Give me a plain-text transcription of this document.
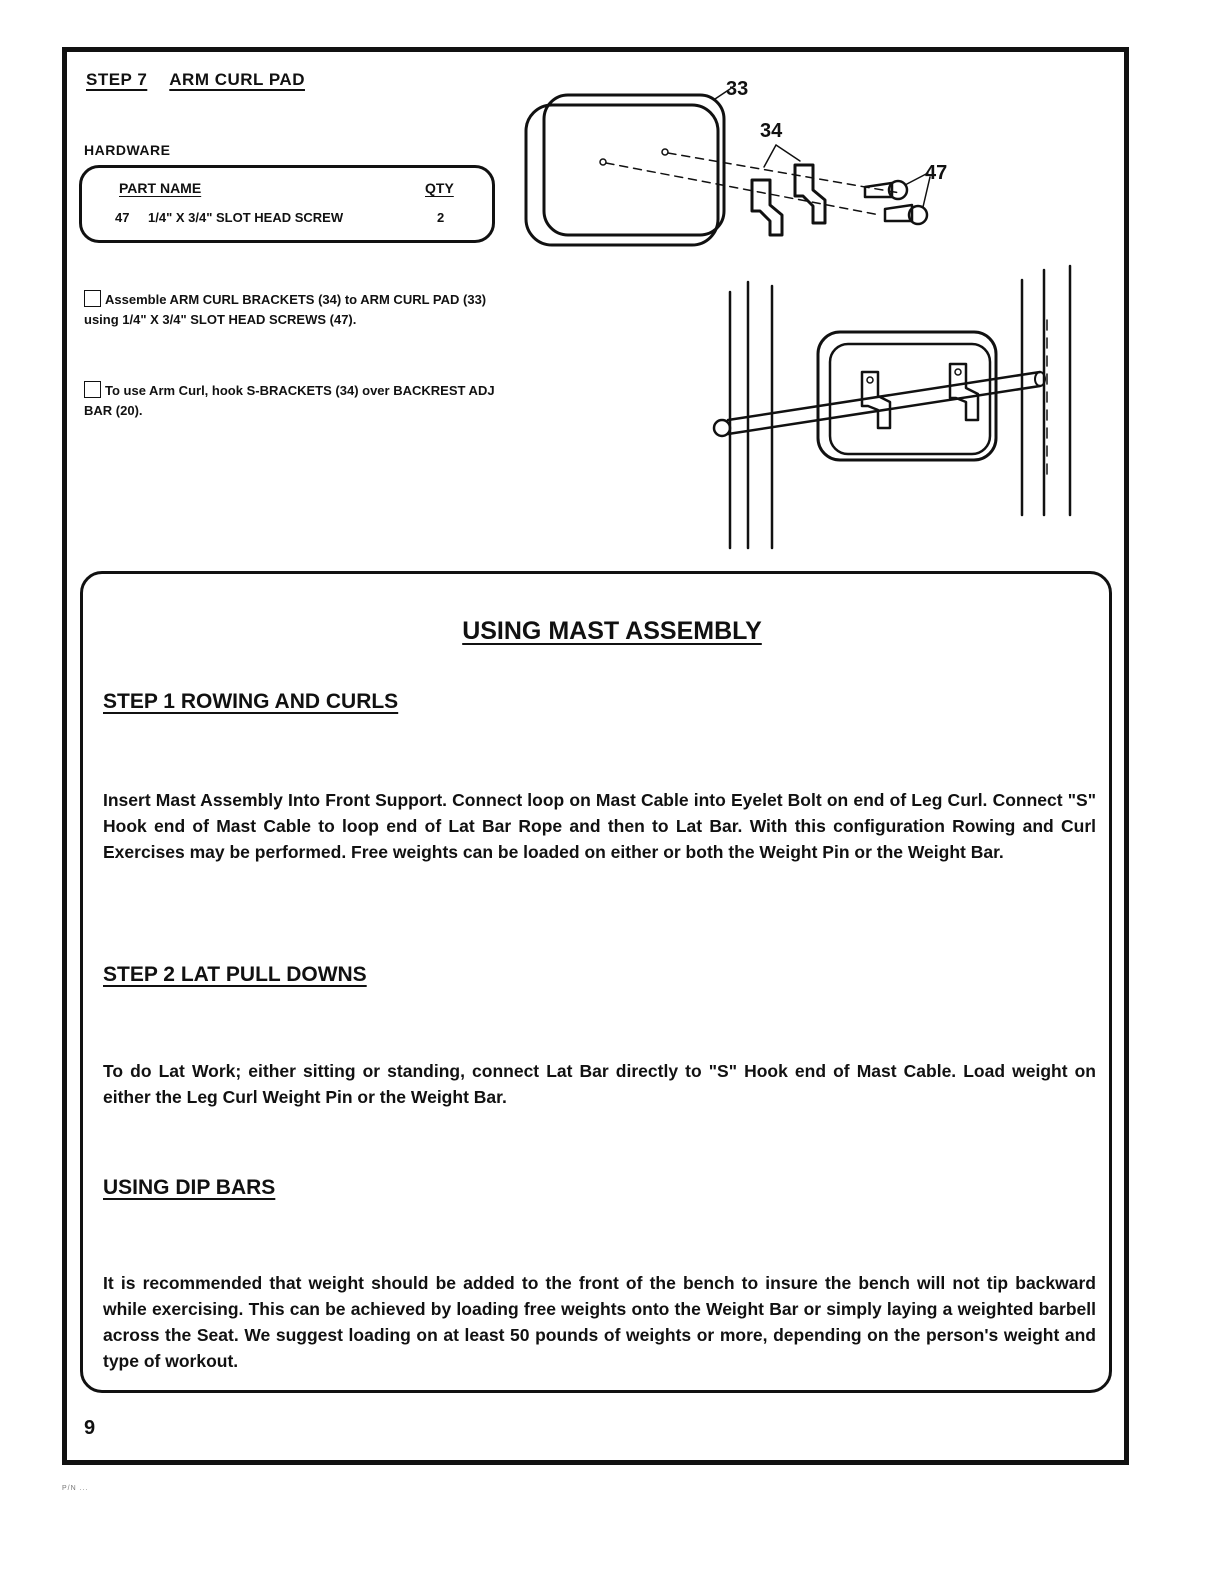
STEP 7 ARM CURL PAD
HARDWARE
PART NAME	QTY
47 1/4" X 3/4" SLOT HEAD SCREW	2
Assemble ARM CURL BRACKETS (34) to ARM CURL PAD (33) using 1/4" X 3/4" SLOT HEAD SCREWS (47).
To use Arm Curl, hook S-BRACKETS (34) over BACKREST ADJ BAR (20).
33
34
47
USING MAST ASSEMBLY
STEP 1 ROWING AND CURLS
Insert Mast Assembly Into Front Support. Connect loop on Mast Cable into Eyelet Bolt on end of Leg Curl. Connect "S" Hook end of Mast Cable to loop end of Lat Bar Rope and then to Lat Bar. With this configuration Rowing and Curl Exercises may be performed. Free weights can be loaded on either or both the Weight Pin or the Weight Bar.
STEP 2 LAT PULL DOWNS
To do Lat Work; either sitting or standing, connect Lat Bar directly to "S" Hook end of Mast Cable. Load weight on either the Leg Curl Weight Pin or the Weight Bar.
USING DIP BARS
It is recommended that weight should be added to the front of the bench to insure the bench will not tip backward while exercising. This can be achieved by loading free weights onto the Weight Bar or simply laying a weighted barbell across the Seat. We suggest loading on at least 50 pounds of weights or more, depending on the person's weight and type of workout.
9
P/N ...
